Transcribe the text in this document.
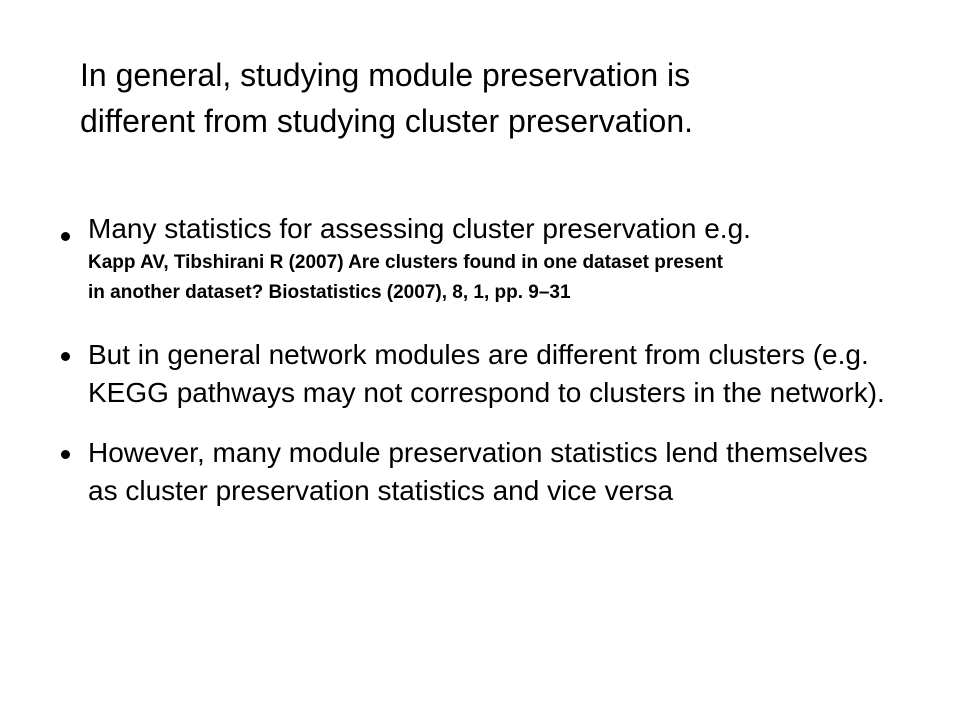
In general, studying module preservation is
different from studying cluster preservation.
Many statistics for assessing cluster preservation e.g.
Kapp AV, Tibshirani R (2007) Are clusters found in one dataset present
in another dataset? Biostatistics (2007), 8, 1, pp. 9–31
But in general network modules are different from clusters (e.g. KEGG pathways may not correspond to clusters in the network).
However, many module preservation statistics lend themselves as cluster preservation statistics and vice versa
